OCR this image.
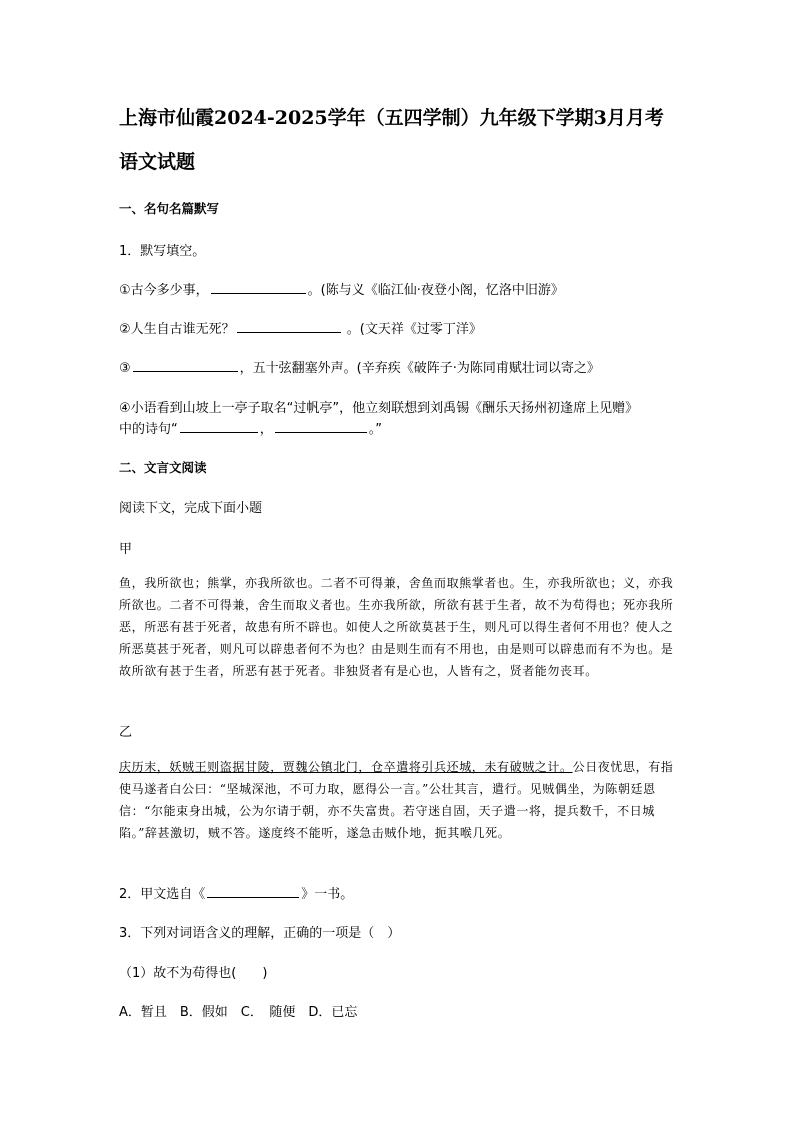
上海市仙霞2024-2025学年（五四学制）九年级下学期3月月考语文试题
一、名句名篇默写
1．默写填空。
①古今多少事，	。(陈与义《临江仙·夜登小阁，忆洛中旧游》
②人生自古谁无死？	。(文天祥《过零丁洋》
③	，五十弦翻塞外声。(辛弃疾《破阵子·为陈同甫赋壮词以寄之》
④小语看到山坡上一亭子取名“过帆亭”，他立刻联想到刘禹锡《酬乐天扬州初逢席上见赠》
中的诗句“	，	。”
二、文言文阅读
阅读下文，完成下面小题
甲
鱼，我所欲也；熊掌，亦我所欲也。二者不可得兼，舍鱼而取熊掌者也。生，亦我所欲也；义，亦我所欲也。二者不可得兼，舍生而取义者也。生亦我所欲，所欲有甚于生者，故不为苟得也；死亦我所恶，所恶有甚于死者，故患有所不辟也。如使人之所欲莫甚于生，则凡可以得生者何不用也？使人之所恶莫甚于死者，则凡可以辟患者何不为也？由是则生而有不用也，由是则可以辟患而有不为也。是故所欲有甚于生者，所恶有甚于死者。非独贤者有是心也，人皆有之，贤者能勿丧耳。
乙
庆历末，妖贼王则盗据甘陵，贾魏公镇北门，仓卒遣将引兵还城，未有破贼之计。公日夜忧思，有指使马遂者白公曰：“坚城深池，不可力取，愿得公一言。”公壮其言，遣行。见贼偶坐，为陈朝廷恩信：“尔能束身出城，公为尔请于朝，亦不失富贵。若守迷自固，天子遣一将，提兵数千，不日城陷。”辞甚激切，贼不答。遂度终不能听，遂急击贼仆地，扼其喉几死。
2．甲文选自《	》一书。
3．下列对词语含义的理解，正确的一项是（　）
（1）故不为苟得也(　　)
A．暂且　B．假如　C．　随便　D．已忘
